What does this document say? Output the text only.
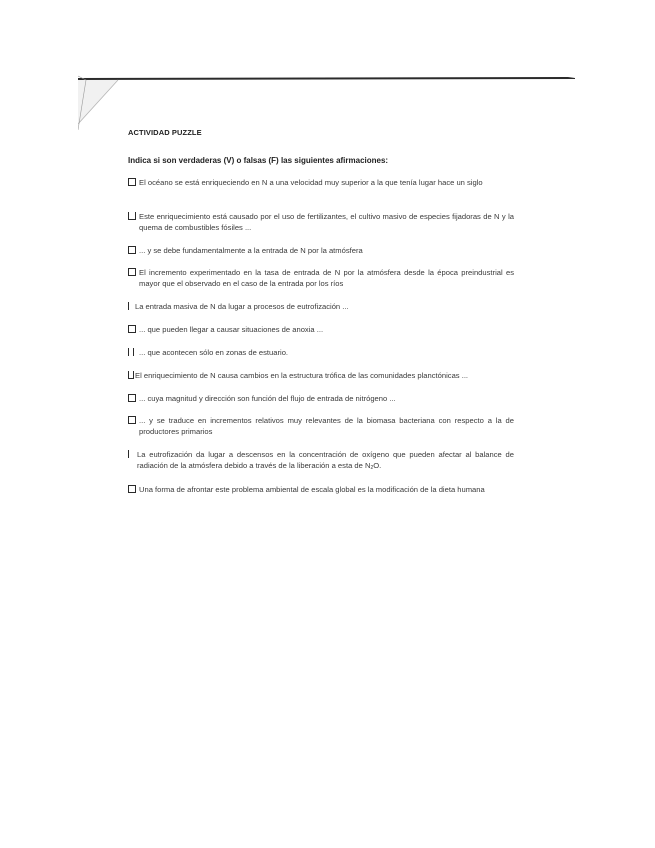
ACTIVIDAD PUZZLE
Indica si son verdaderas (V) o falsas (F) las siguientes afirmaciones:
El océano se está enriqueciendo en N a una velocidad muy superior a la que tenía lugar hace un siglo
Este enriquecimiento está causado por el uso de fertilizantes, el cultivo masivo de especies fijadoras de N y la quema de combustibles fósiles ...
... y se debe fundamentalmente a la entrada de N por la atmósfera
El incremento experimentado en la tasa de entrada de N por la atmósfera desde la época preindustrial es mayor que el observado en el caso de la entrada por los ríos
La entrada masiva de N da lugar a procesos de eutrofización ...
... que pueden llegar a causar situaciones de anoxia ...
... que acontecen sólo en zonas de estuario.
El enriquecimiento de N causa cambios en la estructura trófica de las comunidades planctónicas ...
... cuya magnitud y dirección son función del flujo de entrada de nitrógeno ...
... y se traduce en incrementos relativos muy relevantes de la biomasa bacteriana con respecto a la de productores primarios
La eutrofización da lugar a descensos en la concentración de oxígeno que pueden afectar al balance de radiación de la atmósfera debido a través de la liberación a esta de $N_2O$.
Una forma de afrontar este problema ambiental de escala global es la modificación de la dieta humana
